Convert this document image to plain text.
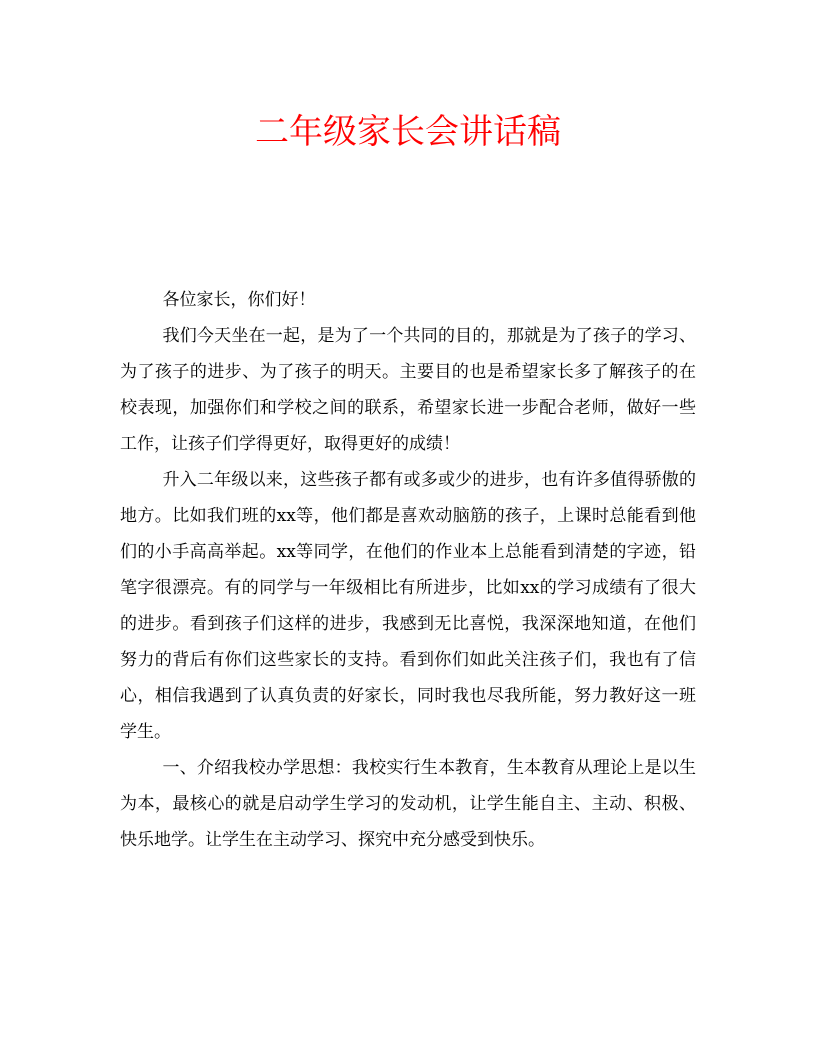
二年级家长会讲话稿

各位家长，你们好！

我们今天坐在一起，是为了一个共同的目的，那就是为了孩子的学习、为了孩子的进步、为了孩子的明天。主要目的也是希望家长多了解孩子的在校表现，加强你们和学校之间的联系，希望家长进一步配合老师，做好一些工作，让孩子们学得更好，取得更好的成绩！

升入二年级以来，这些孩子都有或多或少的进步，也有许多值得骄傲的地方。比如我们班的xx等，他们都是喜欢动脑筋的孩子，上课时总能看到他们的小手高高举起。xx等同学，在他们的作业本上总能看到清楚的字迹，铅笔字很漂亮。有的同学与一年级相比有所进步，比如xx的学习成绩有了很大的进步。看到孩子们这样的进步，我感到无比喜悦，我深深地知道，在他们努力的背后有你们这些家长的支持。看到你们如此关注孩子们，我也有了信心，相信我遇到了认真负责的好家长，同时我也尽我所能，努力教好这一班学生。

一、介绍我校办学思想：我校实行生本教育，生本教育从理论上是以生为本，最核心的就是启动学生学习的发动机，让学生能自主、主动、积极、快乐地学。让学生在主动学习、探究中充分感受到快乐。
